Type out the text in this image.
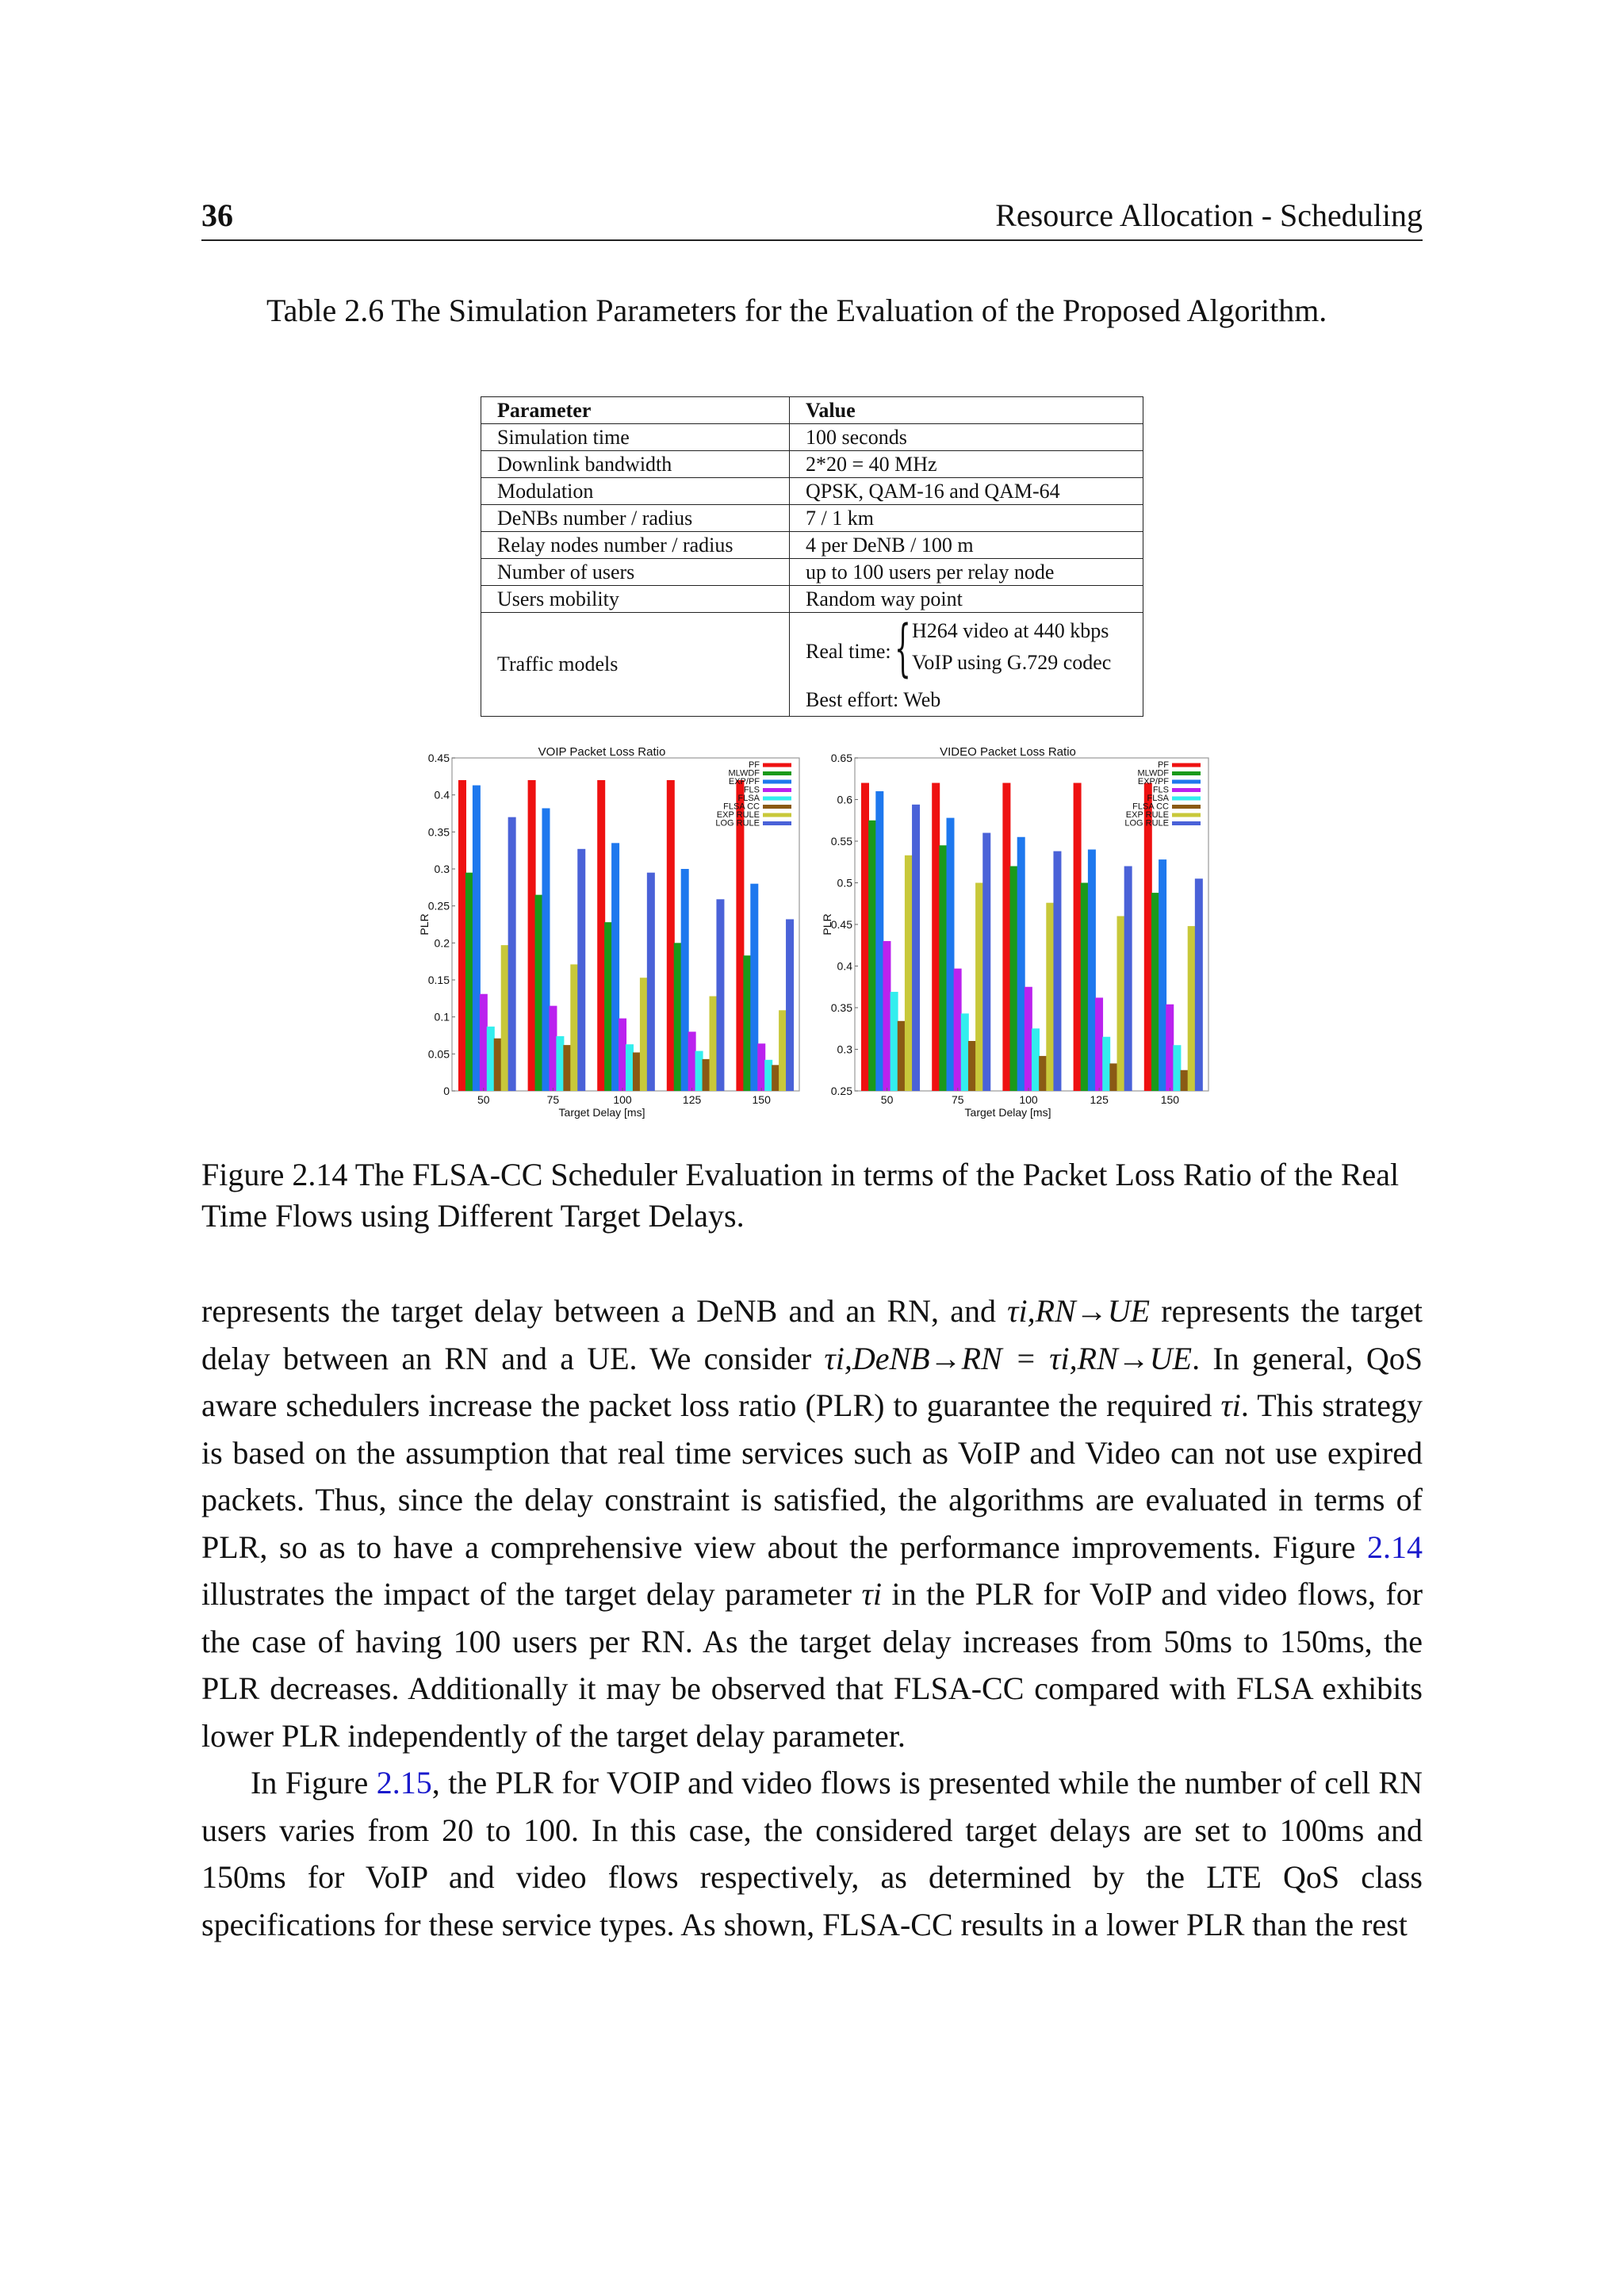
36	Resource Allocation - Scheduling
Table 2.6 The Simulation Parameters for the Evaluation of the Proposed Algorithm.
Parameter	Value
Simulation time	100 seconds
Downlink bandwidth	2*20 = 40 MHz
Modulation	QPSK, QAM-16 and QAM-64
DeNBs number / radius	7 / 1 km
Relay nodes number / radius	4 per DeNB / 100 m
Number of users	up to 100 users per relay node
Users mobility	Random way point
Traffic models	Real time: { H264 video at 440 kbps
VoIP using G.729 codec
Best effort: Web
VOIP Packet Loss Ratio
0
0.05
0.1
0.15
0.2
0.25
0.3
0.35
0.4
0.45
PLR
50	75	100	125	150
Target Delay [ms]
PF
MLWDF
EXP/PF
FLS
FLSA
FLSA CC
EXP RULE
LOG RULE
VIDEO Packet Loss Ratio
0.25
0.3
0.35
0.4
0.45
0.5
0.55
0.6
0.65
PLR
50	75	100	125	150
Target Delay [ms]
PF
MLWDF
EXP/PF
FLS
FLSA
FLSA CC
EXP RULE
LOG RULE
Figure 2.14 The FLSA-CC Scheduler Evaluation in terms of the Packet Loss Ratio of the Real Time Flows using Different Target Delays.

represents the target delay between a DeNB and an RN, and τi,RN→UE represents the target delay between an RN and a UE. We consider τi,DeNB→RN = τi,RN→UE. In general, QoS aware schedulers increase the packet loss ratio (PLR) to guarantee the required τi. This strategy is based on the assumption that real time services such as VoIP and Video can not use expired packets. Thus, since the delay constraint is satisfied, the algorithms are evaluated in terms of PLR, so as to have a comprehensive view about the performance improvements. Figure 2.14 illustrates the impact of the target delay parameter τi in the PLR for VoIP and video flows, for the case of having 100 users per RN. As the target delay increases from 50ms to 150ms, the PLR decreases. Additionally it may be observed that FLSA-CC compared with FLSA exhibits lower PLR independently of the target delay parameter.

In Figure 2.15, the PLR for VOIP and video flows is presented while the number of cell RN users varies from 20 to 100. In this case, the considered target delays are set to 100ms and 150ms for VoIP and video flows respectively, as determined by the LTE QoS class specifications for these service types. As shown, FLSA-CC results in a lower PLR than the rest
